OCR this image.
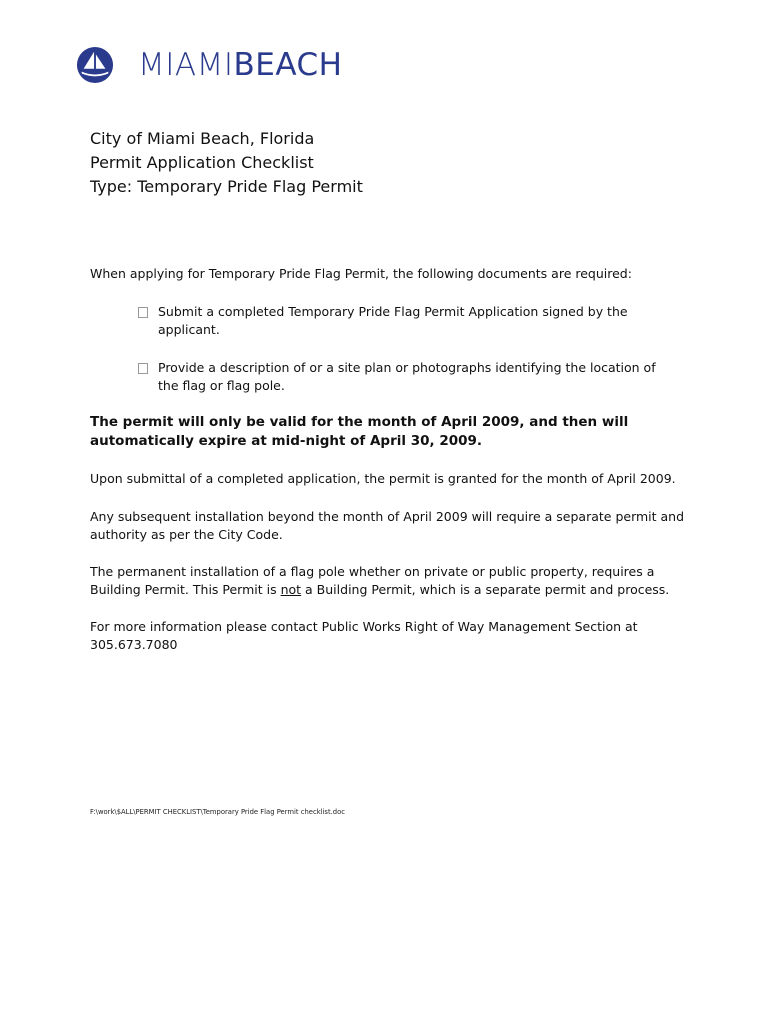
MIAMIBEACH
City of Miami Beach, Florida
Permit Application Checklist
Type: Temporary Pride Flag Permit
When applying for Temporary Pride Flag Permit, the following documents are required:
Submit a completed Temporary Pride Flag Permit Application signed by the applicant.
Provide a description of or a site plan or photographs identifying the location of the flag or flag pole.
The permit will only be valid for the month of April 2009, and then will automatically expire at mid-night of April 30, 2009.
Upon submittal of a completed application, the permit is granted for the month of April 2009.
Any subsequent installation beyond the month of April 2009 will require a separate permit and authority as per the City Code.
The permanent installation of a flag pole whether on private or public property, requires a Building Permit. This Permit is not a Building Permit, which is a separate permit and process.
For more information please contact Public Works Right of Way Management Section at 305.673.7080
F:\work\$ALL\PERMIT CHECKLIST\Temporary Pride Flag Permit checklist.doc
